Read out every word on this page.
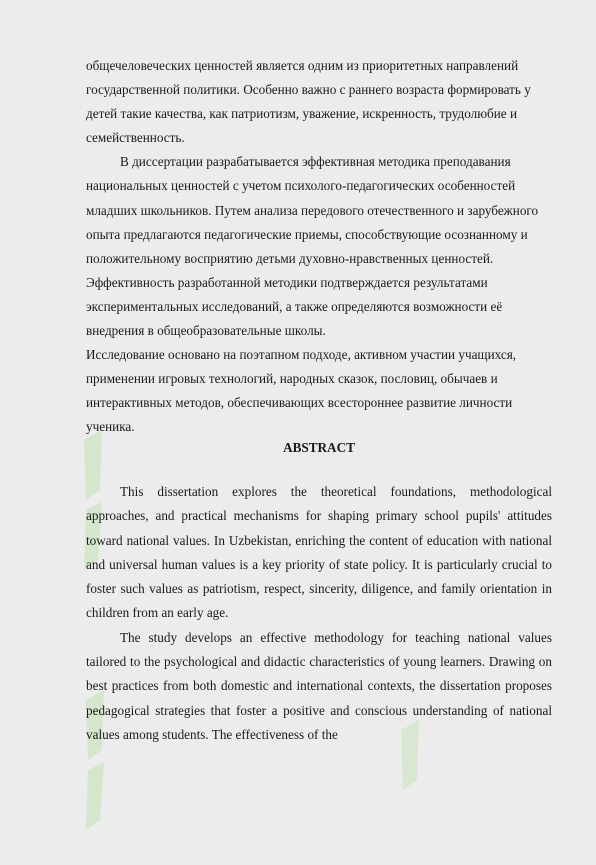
общечеловеческих ценностей является одним из приоритетных направлений государственной политики. Особенно важно с раннего возраста формировать у детей такие качества, как патриотизм, уважение, искренность, трудолюбие и семейственность.

В диссертации разрабатывается эффективная методика преподавания национальных ценностей с учетом психолого-педагогических особенностей младших школьников. Путем анализа передового отечественного и зарубежного опыта предлагаются педагогические приемы, способствующие осознанному и положительному восприятию детьми духовно-нравственных ценностей. Эффективность разработанной методики подтверждается результатами экспериментальных исследований, а также определяются возможности её внедрения в общеобразовательные школы.

Исследование основано на поэтапном подходе, активном участии учащихся, применении игровых технологий, народных сказок, пословиц, обычаев и интерактивных методов, обеспечивающих всестороннее развитие личности ученика.

ABSTRACT

This dissertation explores the theoretical foundations, methodological approaches, and practical mechanisms for shaping primary school pupils' attitudes toward national values. In Uzbekistan, enriching the content of education with national and universal human values is a key priority of state policy. It is particularly crucial to foster such values as patriotism, respect, sincerity, diligence, and family orientation in children from an early age.

The study develops an effective methodology for teaching national values tailored to the psychological and didactic characteristics of young learners. Drawing on best practices from both domestic and international contexts, the dissertation proposes pedagogical strategies that foster a positive and conscious understanding of national values among students. The effectiveness of the
